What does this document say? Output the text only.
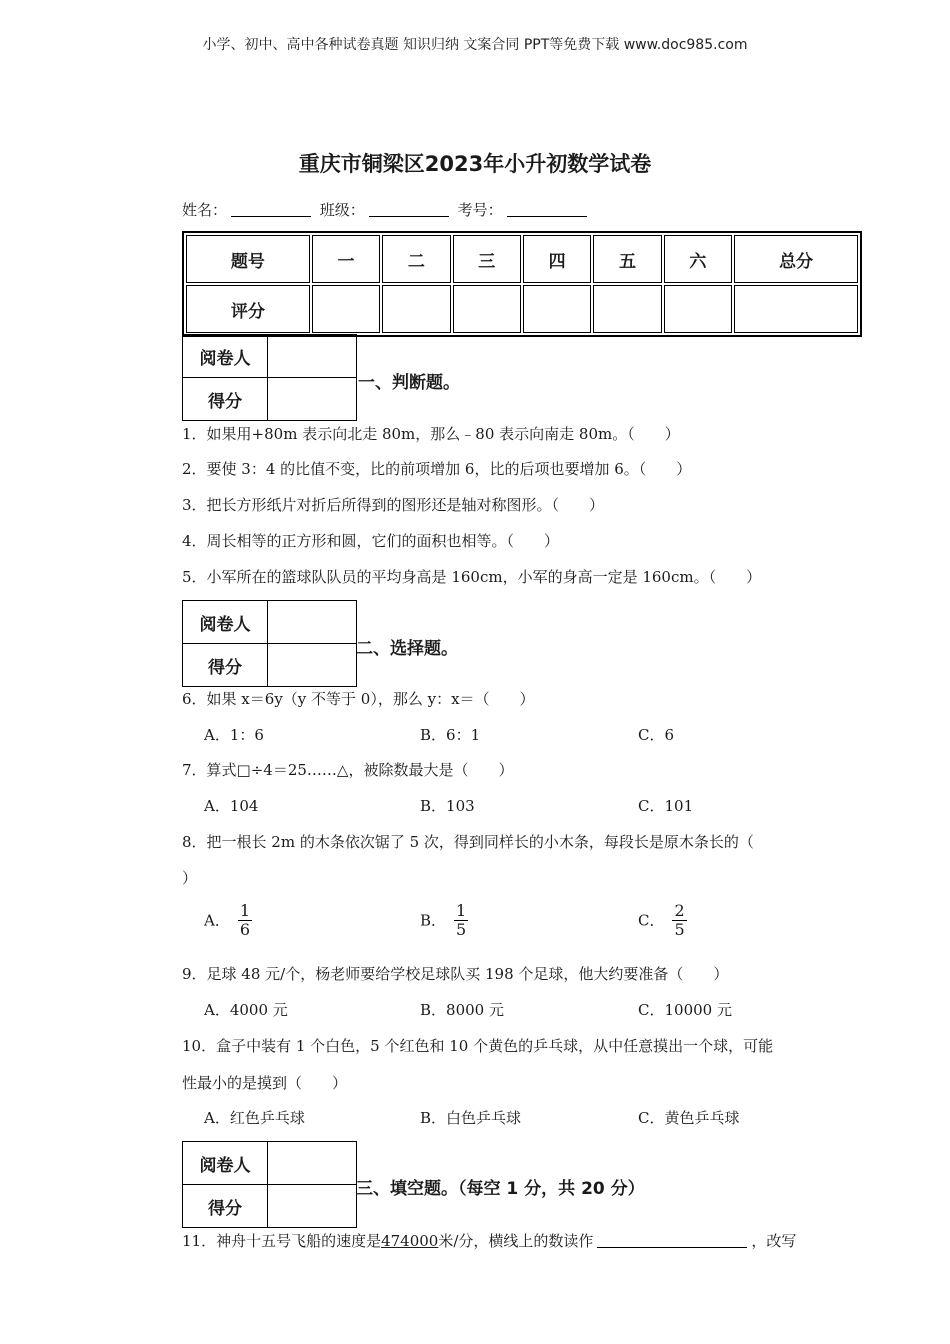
小学、初中、高中各种试卷真题 知识归纳 文案合同 PPT等免费下载 www.doc985.com
重庆市铜梁区2023年小升初数学试卷
姓名：	班级：	考号：
题号	一	二	三	四	五	六	总分
评分							
阅卷人	
得分	
一、判断题。
1．如果用+80m 表示向北走 80m，那么﹣80 表示向南走 80m。（　　）
2．要使 3：4 的比值不变，比的前项增加 6，比的后项也要增加 6。（　　）
3．把长方形纸片对折后所得到的图形还是轴对称图形。（　　）
4．周长相等的正方形和圆，它们的面积也相等。（　　）
5．小军所在的篮球队队员的平均身高是 160cm，小军的身高一定是 160cm。（　　）
阅卷人	
得分	
二、选择题。
6．如果 x＝6y（y 不等于 0），那么 y：x＝（　　）
A．1：6	B．6：1	C．6
7．算式□÷4＝25……△，被除数最大是（　　）
A．104	B．103	C．101
8．把一根长 2m 的木条依次锯了 5 次，得到同样长的小木条，每段长是原木条长的（
）
A． $\frac{1}{6}$	B． $\frac{1}{5}$	C． $\frac{2}{5}$
9．足球 48 元/个，杨老师要给学校足球队买 198 个足球，他大约要准备（　　）
A．4000 元	B．8000 元	C．10000 元
10．盒子中装有 1 个白色，5 个红色和 10 个黄色的乒乓球，从中任意摸出一个球，可能
性最小的是摸到（　　）
A．红色乒乓球	B．白色乒乓球	C．黄色乒乓球
阅卷人	
得分	
三、填空题。（每空 1 分，共 20 分）
11．神舟十五号飞船的速度是474000米/分，横线上的数读作	，改写
